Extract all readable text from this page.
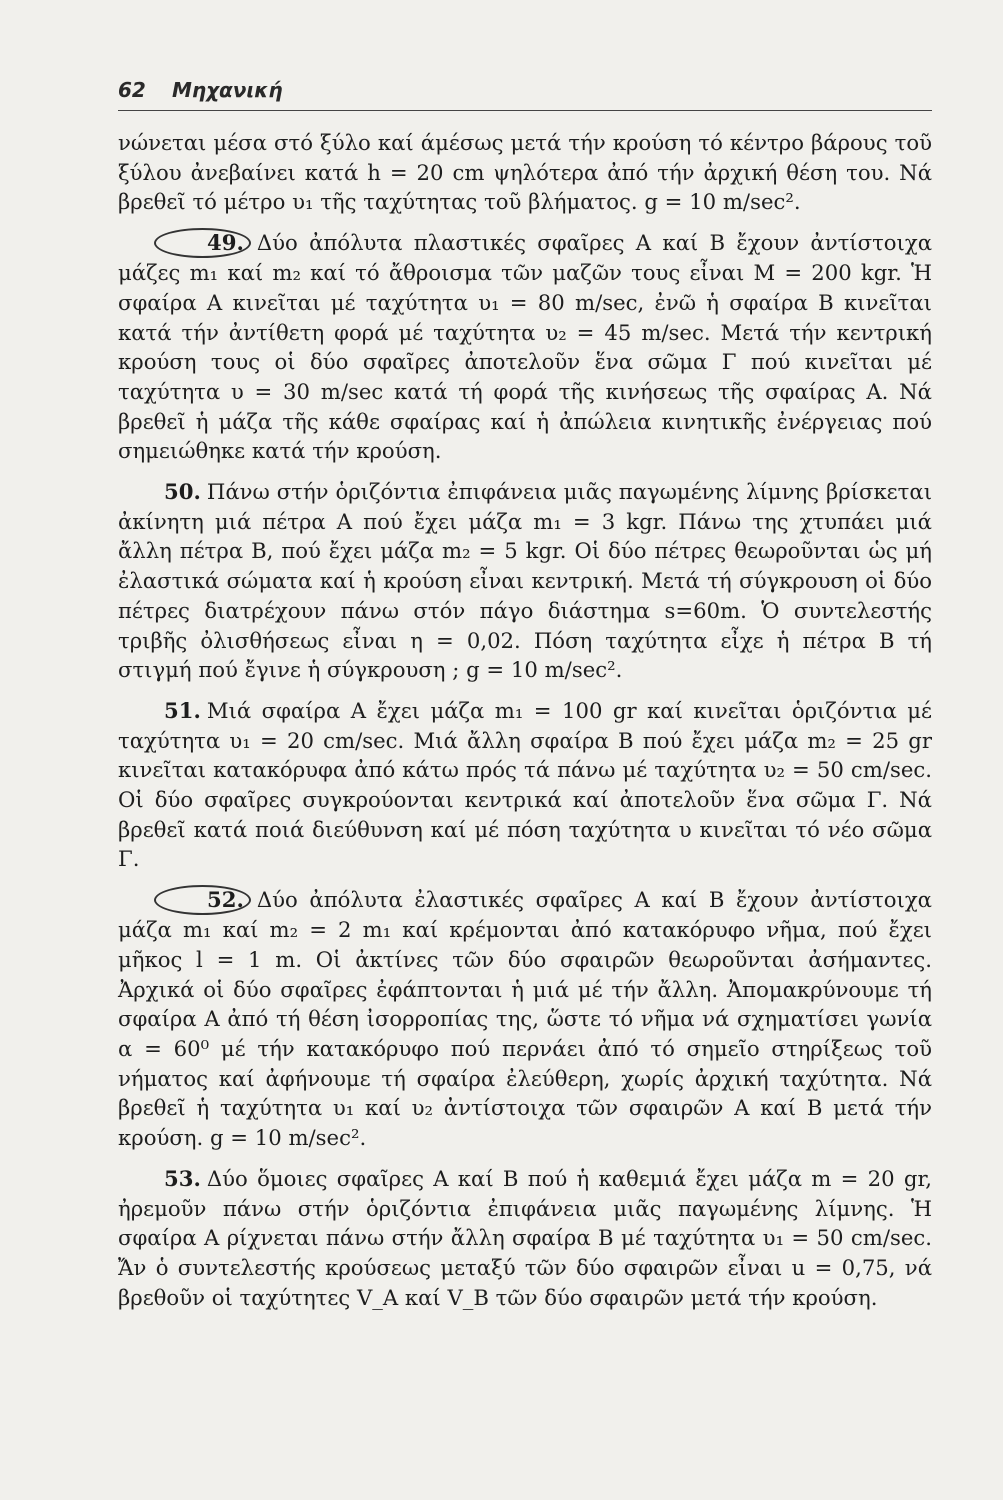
62 Μηχανική

νώνεται μέσα στό ξύλο καί άμέσως μετά τήν κρούση τό κέντρο βάρους τοῦ ξύλου ἀνεβαίνει κατά h = 20 cm ψηλότερα ἀπό τήν ἀρχική θέση του. Νά βρεθεῖ τό μέτρο υ₁ τῆς ταχύτητας τοῦ βλήματος. g = 10 m/sec².

49. Δύο ἀπόλυτα πλαστικές σφαῖρες Α καί Β ἔχουν ἀντίστοιχα μάζες m₁ καί m₂ καί τό ἄθροισμα τῶν μαζῶν τους εἶναι M = 200 kgr. Ἡ σφαίρα Α κινεῖται μέ ταχύτητα υ₁ = 80 m/sec, ἐνῶ ἡ σφαίρα Β κινεῖται κατά τήν ἀντίθετη φορά μέ ταχύτητα υ₂ = 45 m/sec. Μετά τήν κεντρική κρούση τους οἱ δύο σφαῖρες ἀποτελοῦν ἕνα σῶμα Γ πού κινεῖται μέ ταχύτητα υ = 30 m/sec κατά τή φορά τῆς κινήσεως τῆς σφαίρας Α. Νά βρεθεῖ ἡ μάζα τῆς κάθε σφαίρας καί ἡ ἀπώλεια κινητικῆς ἐνέργειας πού σημειώθηκε κατά τήν κρούση.

50. Πάνω στήν ὁριζόντια ἐπιφάνεια μιᾶς παγωμένης λίμνης βρίσκεται ἀκίνητη μιά πέτρα Α πού ἔχει μάζα m₁ = 3 kgr. Πάνω της χτυπάει μιά ἄλλη πέτρα Β, πού ἔχει μάζα m₂ = 5 kgr. Οἱ δύο πέτρες θεωροῦνται ὡς μή ἐλαστικά σώματα καί ἡ κρούση εἶναι κεντρική. Μετά τή σύγκρουση οἱ δύο πέτρες διατρέχουν πάνω στόν πάγο διάστημα s=60m. Ὁ συντελεστής τριβῆς ὀλισθήσεως εἶναι η = 0,02. Πόση ταχύτητα εἶχε ἡ πέτρα Β τή στιγμή πού ἔγινε ἡ σύγκρουση ; g = 10 m/sec².

51. Μιά σφαίρα Α ἔχει μάζα m₁ = 100 gr καί κινεῖται ὁριζόντια μέ ταχύτητα υ₁ = 20 cm/sec. Μιά ἄλλη σφαίρα Β πού ἔχει μάζα m₂ = 25 gr κινεῖται κατακόρυφα ἀπό κάτω πρός τά πάνω μέ ταχύτητα υ₂ = 50 cm/sec. Οἱ δύο σφαῖρες συγκρούονται κεντρικά καί ἀποτελοῦν ἕνα σῶμα Γ. Νά βρεθεῖ κατά ποιά διεύθυνση καί μέ πόση ταχύτητα υ κινεῖται τό νέο σῶμα Γ.

52. Δύο ἀπόλυτα ἐλαστικές σφαῖρες Α καί Β ἔχουν ἀντίστοιχα μάζα m₁ καί m₂ = 2 m₁ καί κρέμονται ἀπό κατακόρυφο νῆμα, πού ἔχει μῆκος l = 1 m. Οἱ ἀκτίνες τῶν δύο σφαιρῶν θεωροῦνται ἀσήμαντες. Ἀρχικά οἱ δύο σφαῖρες ἐφάπτονται ἡ μιά μέ τήν ἄλλη. Ἀπομακρύνουμε τή σφαίρα Α ἀπό τή θέση ἰσορροπίας της, ὥστε τό νῆμα νά σχηματίσει γωνία α = 60⁰ μέ τήν κατακόρυφο πού περνάει ἀπό τό σημεῖο στηρίξεως τοῦ νήματος καί ἀφήνουμε τή σφαίρα ἐλεύθερη, χωρίς ἀρχική ταχύτητα. Νά βρεθεῖ ἡ ταχύτητα υ₁ καί υ₂ ἀντίστοιχα τῶν σφαιρῶν Α καί Β μετά τήν κρούση. g = 10 m/sec².

53. Δύο ὅμοιες σφαῖρες Α καί Β πού ἡ καθεμιά ἔχει μάζα m = 20 gr, ἠρεμοῦν πάνω στήν ὁριζόντια ἐπιφάνεια μιᾶς παγωμένης λίμνης. Ἡ σφαίρα Α ρίχνεται πάνω στήν ἄλλη σφαίρα Β μέ ταχύτητα υ₁ = 50 cm/sec. Ἄν ὁ συντελεστής κρούσεως μεταξύ τῶν δύο σφαιρῶν εἶναι u = 0,75, νά βρεθοῦν οἱ ταχύτητες V_A καί V_B τῶν δύο σφαιρῶν μετά τήν κρούση.
